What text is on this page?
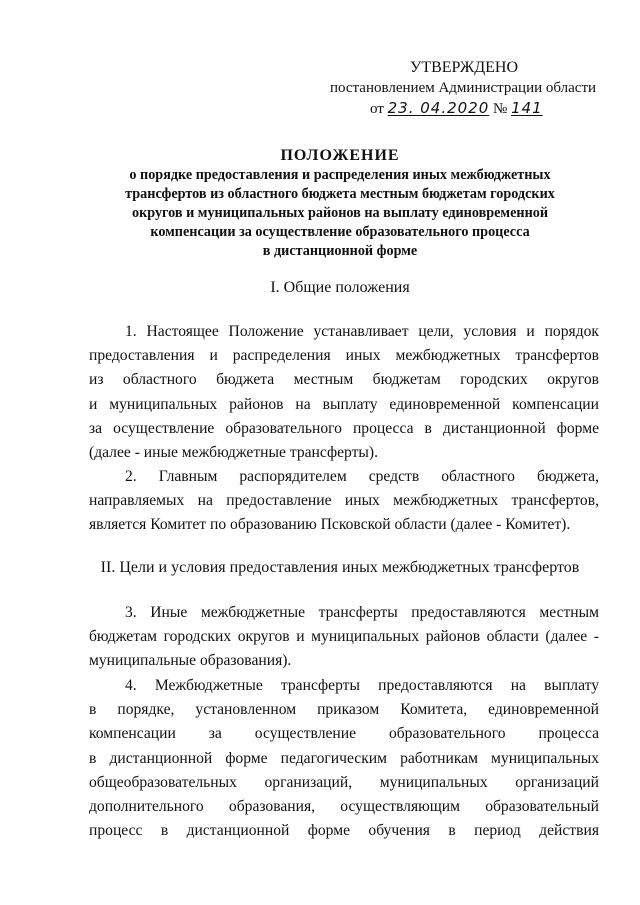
УТВЕРЖДЕНО
постановлением Администрации области
от 23. 04.2020 № 141
ПОЛОЖЕНИЕ
о порядке предоставления и распределения иных межбюджетных
трансфертов из областного бюджета местным бюджетам городских
округов и муниципальных районов на выплату единовременной
компенсации за осуществление образовательного процесса
в дистанционной форме
I. Общие положения
1. Настоящее Положение устанавливает цели, условия и порядок
предоставления и распределения иных межбюджетных трансфертов
из областного бюджета местным бюджетам городских округов
и муниципальных районов на выплату единовременной компенсации
за осуществление образовательного процесса в дистанционной форме
(далее - иные межбюджетные трансферты).
2. Главным распорядителем средств областного бюджета,
направляемых на предоставление иных межбюджетных трансфертов,
является Комитет по образованию Псковской области (далее - Комитет).
II. Цели и условия предоставления иных межбюджетных трансфертов
3. Иные межбюджетные трансферты предоставляются местным
бюджетам городских округов и муниципальных районов области (далее -
муниципальные образования).
4. Межбюджетные трансферты предоставляются на выплату
в порядке, установленном приказом Комитета, единовременной
компенсации за осуществление образовательного процесса
в дистанционной форме педагогическим работникам муниципальных
общеобразовательных организаций, муниципальных организаций
дополнительного образования, осуществляющим образовательный
процесс в дистанционной форме обучения в период действия
